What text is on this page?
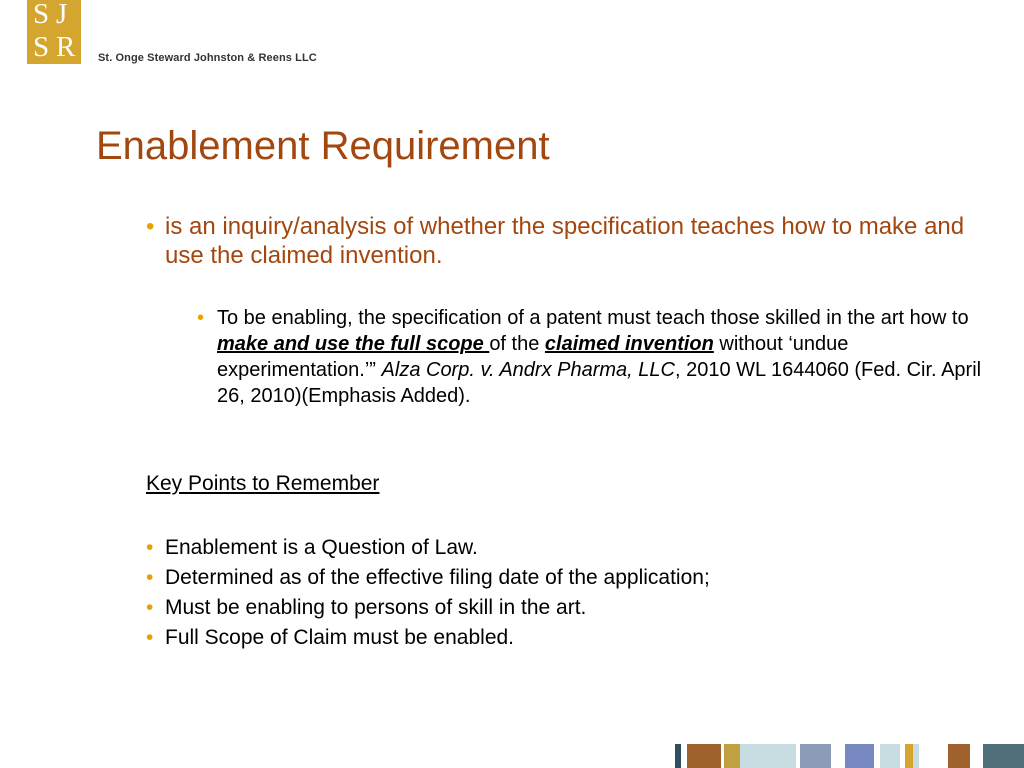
S J
S R St. Onge Steward Johnston & Reens LLC
Enablement Requirement
• is an inquiry/analysis of whether the specification teaches how to make and use the claimed invention.
• To be enabling, the specification of a patent must teach those skilled in the art how to make and use the full scope of the claimed invention without ‘undue experimentation.’” Alza Corp. v. Andrx Pharma, LLC, 2010 WL 1644060 (Fed. Cir. April 26, 2010)(Emphasis Added).
Key Points to Remember
• Enablement is a Question of Law.
• Determined as of the effective filing date of the application;
• Must be enabling to persons of skill in the art.
• Full Scope of Claim must be enabled.
